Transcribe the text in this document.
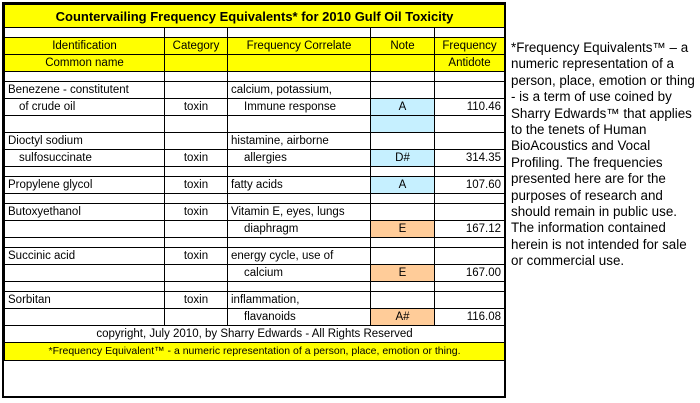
Countervailing Frequency Equivalents* for 2010 Gulf Oil Toxicity				

Identification	Category	Frequency Correlate	Note	Frequency
Common name				Antidote

Benezene - constitutent		calcium, potassium,		
of crude oil	toxin	Immune response	A	110.46

Dioctyl sodium		histamine, airborne		
sulfosuccinate	toxin	allergies	D#	314.35

Propylene glycol	toxin	fatty acids	A	107.60

Butoxyethanol	toxin	Vitamin E, eyes, lungs		
		diaphragm	E	167.12

Succinic acid	toxin	energy cycle, use of		
		calcium	E	167.00

Sorbitan	toxin	inflammation,		
		flavanoids	A#	116.08
copyright, July 2010, by Sharry Edwards - All Rights Reserved				
*Frequency Equivalent™ - a numeric representation of a person, place, emotion or thing.				
*Frequency Equivalents™ – a numeric representation of a person, place, emotion or thing - is a term of use coined by Sharry Edwards™ that applies to the tenets of Human BioAcoustics and Vocal Profiling. The frequencies presented here are for the purposes of research and should remain in public use. The information contained herein is not intended for sale or commercial use.
